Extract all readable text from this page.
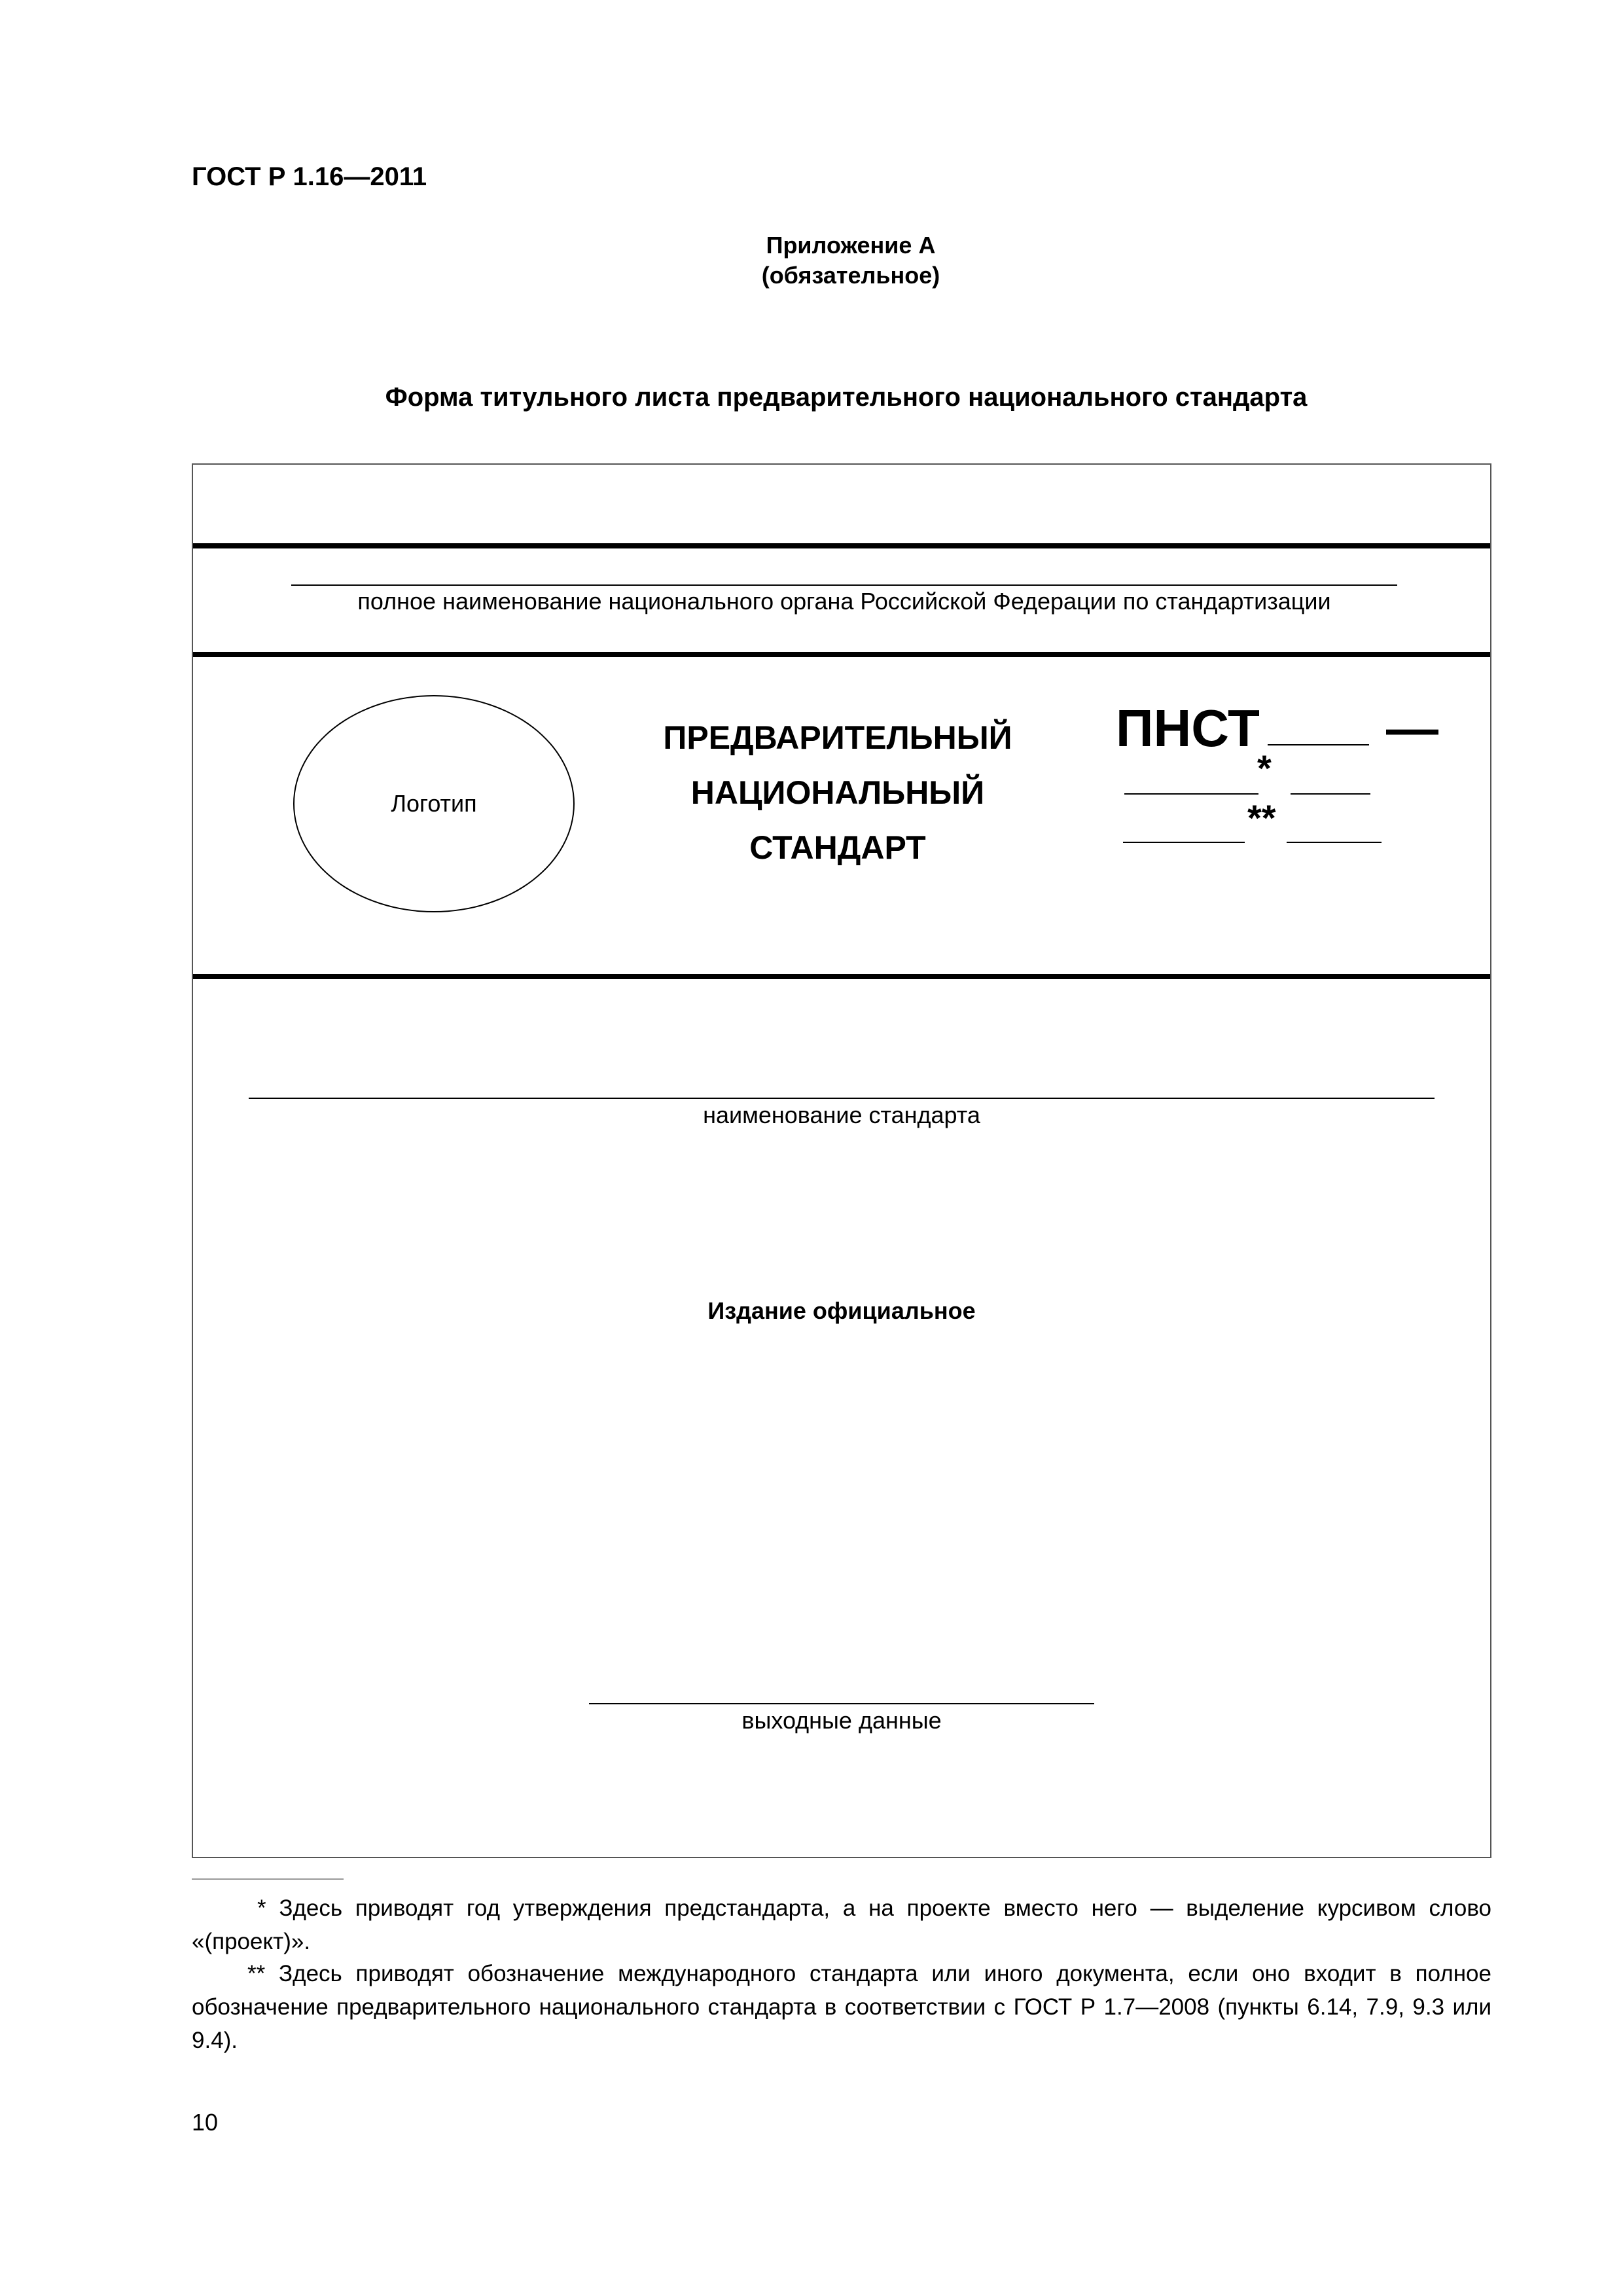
ГОСТ Р 1.16—2011
Приложение А
(обязательное)
Форма титульного листа предварительного национального стандарта
полное наименование национального органа Российской Федерации по стандартизации
Логотип
ПРЕДВАРИТЕЛЬНЫЙ
НАЦИОНАЛЬНЫЙ
СТАНДАРТ
ПНСТ —
*
**
наименование стандарта
Издание официальное
выходные данные
* Здесь приводят год утверждения предстандарта, а на проекте вместо него — выделение курсивом слово «(проект)».
** Здесь приводят обозначение международного стандарта или иного документа, если оно входит в полное обозначение предварительного национального стандарта в соответствии с ГОСТ Р 1.7—2008 (пункты 6.14, 7.9, 9.3 или 9.4).
10
